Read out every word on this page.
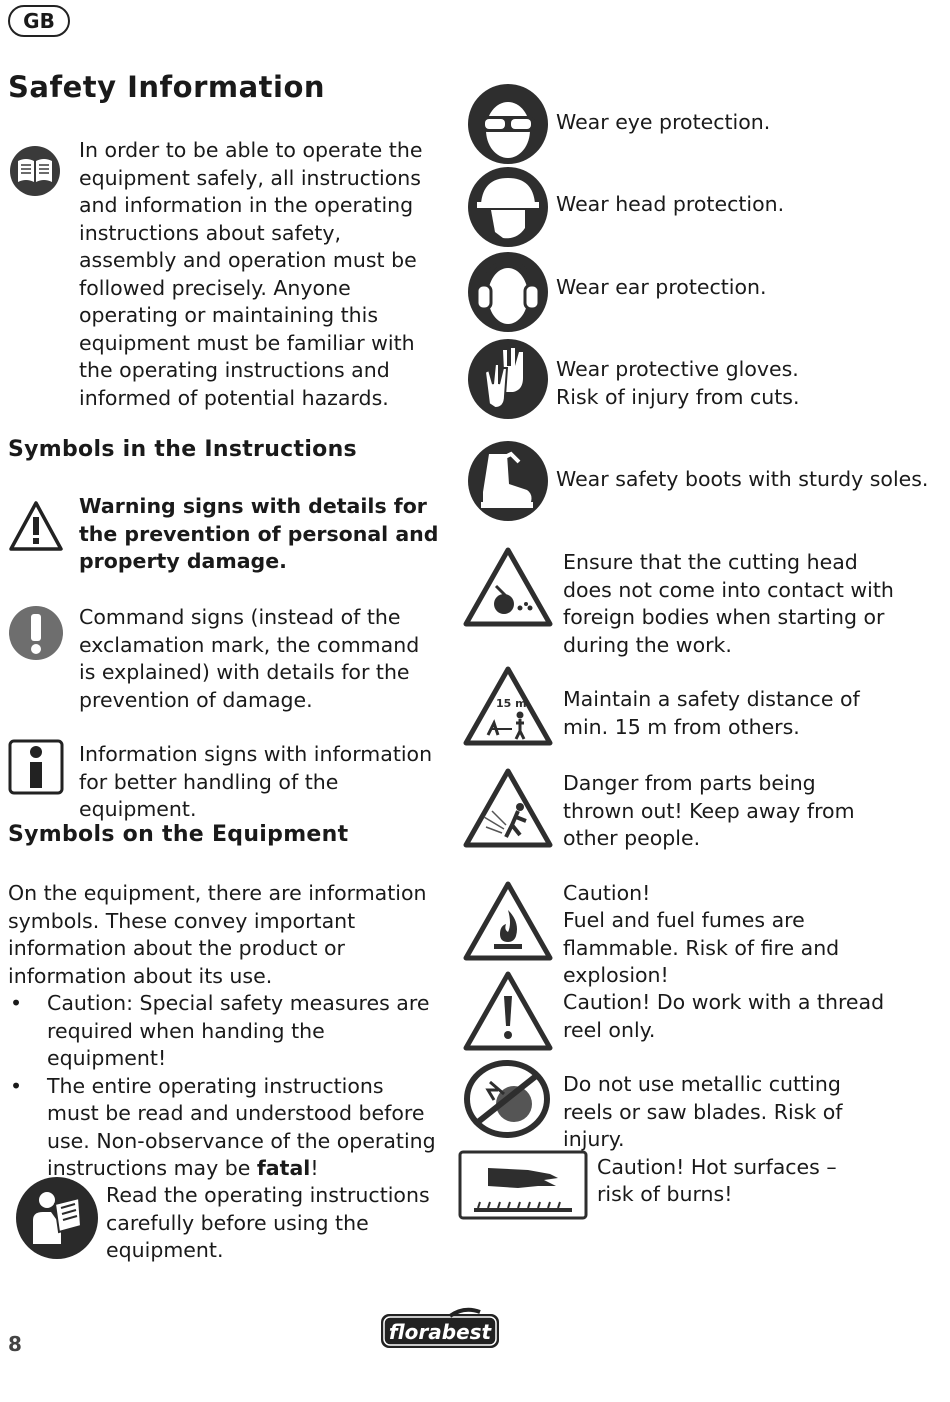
GB
Safety Information
In order to be able to operate the equipment safely, all instructions and information in the operating instructions about safety, assembly and operation must be followed precisely. Anyone operating or maintaining this equipment must be familiar with the operating instructions and informed of potential hazards.
Symbols in the Instructions
Warning signs with details for the prevention of personal and property damage.
Command signs (instead of the exclamation mark, the command is explained) with details for the prevention of damage.
Information signs with information for better handling of the equipment.
Symbols on the Equipment
On the equipment, there are information symbols. These convey important information about the product or information about its use.
• Caution: Special safety measures are required when handing the equipment!
• The entire operating instructions must be read and understood before use. Non-observance of the operating instructions may be fatal!
Read the operating instructions carefully before using the equipment.
Wear eye protection.
Wear head protection.
Wear ear protection.
Wear protective gloves.
Risk of injury from cuts.
Wear safety boots with sturdy soles.
Ensure that the cutting head does not come into contact with foreign bodies when starting or during the work.
15 m Maintain a safety distance of min. 15 m from others.
Danger from parts being thrown out! Keep away from other people.
Caution!
Fuel and fuel fumes are flammable. Risk of fire and explosion!
Caution! Do work with a thread reel only.
Do not use metallic cutting reels or saw blades. Risk of injury.
Caution! Hot surfaces –
risk of burns!
8	florabest
